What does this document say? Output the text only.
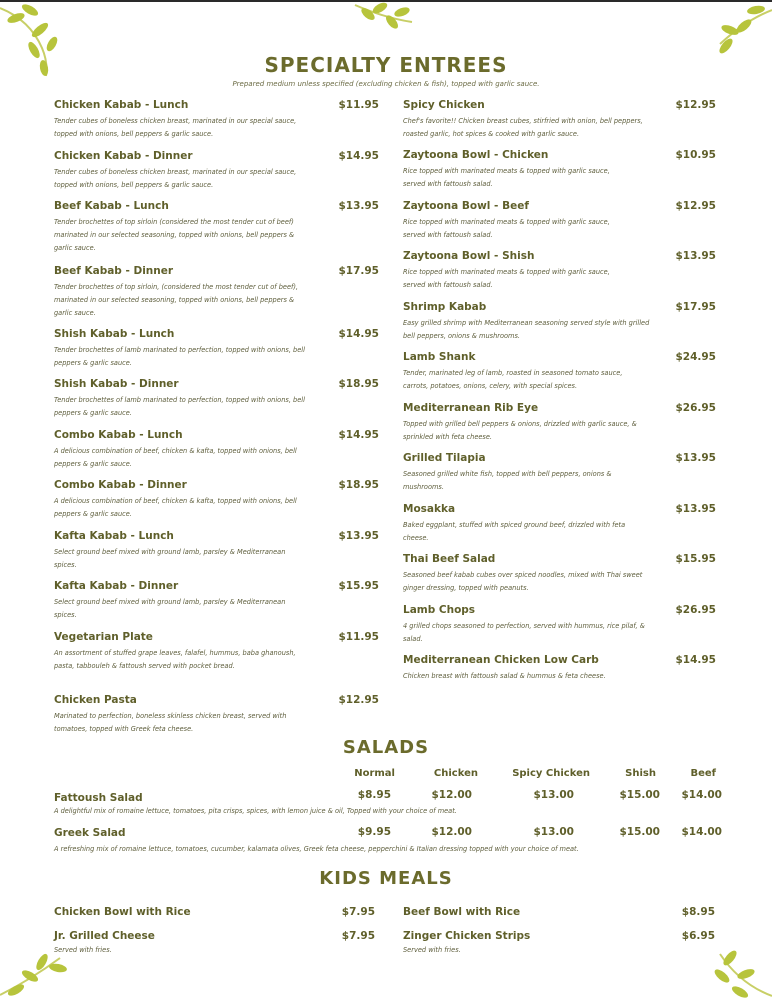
SPECIALTY ENTREES
Prepared medium unless specified (excluding chicken & fish), topped with garlic sauce.
Chicken Kabab - Lunch	$11.95
Tender cubes of boneless chicken breast, marinated in our special sauce, topped with onions, bell peppers & garlic sauce.
Chicken Kabab - Dinner	$14.95
Tender cubes of boneless chicken breast, marinated in our special sauce, topped with onions, bell peppers & garlic sauce.
Beef Kabab - Lunch	$13.95
Tender brochettes of top sirloin (considered the most tender cut of beef) marinated in our selected seasoning, topped with onions, bell peppers & garlic sauce.
Beef Kabab - Dinner	$17.95
Tender brochettes of top sirloin, (considered the most tender cut of beef), marinated in our selected seasoning, topped with onions, bell peppers & garlic sauce.
Shish Kabab - Lunch	$14.95
Tender brochettes of lamb marinated to perfection, topped with onions, bell peppers & garlic sauce.
Shish Kabab - Dinner	$18.95
Tender brochettes of lamb marinated to perfection, topped with onions, bell peppers & garlic sauce.
Combo Kabab - Lunch	$14.95
A delicious combination of beef, chicken & kafta, topped with onions, bell peppers & garlic sauce.
Combo Kabab - Dinner	$18.95
A delicious combination of beef, chicken & kafta, topped with onions, bell peppers & garlic sauce.
Kafta Kabab - Lunch	$13.95
Select ground beef mixed with ground lamb, parsley & Mediterranean spices.
Kafta Kabab - Dinner	$15.95
Select ground beef mixed with ground lamb, parsley & Mediterranean spices.
Vegetarian Plate	$11.95
An assortment of stuffed grape leaves, falafel, hummus, baba ghanoush, pasta, tabbouleh & fattoush served with pocket bread.
Chicken Pasta	$12.95
Marinated to perfection, boneless skinless chicken breast, served with tomatoes, topped with Greek feta cheese.
Spicy Chicken	$12.95
Chef's favorite!! Chicken breast cubes, stirfried with onion, bell peppers, roasted garlic, hot spices & cooked with garlic sauce.
Zaytoona Bowl - Chicken	$10.95
Rice topped with marinated meats & topped with garlic sauce, served with fattoush salad.
Zaytoona Bowl - Beef	$12.95
Rice topped with marinated meats & topped with garlic sauce, served with fattoush salad.
Zaytoona Bowl - Shish	$13.95
Rice topped with marinated meats & topped with garlic sauce, served with fattoush salad.
Shrimp Kabab	$17.95
Easy grilled shrimp with Mediterranean seasoning served style with grilled bell peppers, onions & mushrooms.
Lamb Shank	$24.95
Tender, marinated leg of lamb, roasted in seasoned tomato sauce, carrots, potatoes, onions, celery, with special spices.
Mediterranean Rib Eye	$26.95
Topped with grilled bell peppers & onions, drizzled with garlic sauce, & sprinkled with feta cheese.
Grilled Tilapia	$13.95
Seasoned grilled white fish, topped with bell peppers, onions & mushrooms.
Mosakka	$13.95
Baked eggplant, stuffed with spiced ground beef, drizzled with feta cheese.
Thai Beef Salad	$15.95
Seasoned beef kabab cubes over spiced noodles, mixed with Thai sweet ginger dressing, topped with peanuts.
Lamb Chops	$26.95
4 grilled chops seasoned to perfection, served with hummus, rice pilaf, & salad.
Mediterranean Chicken Low Carb	$14.95
Chicken breast with fattoush salad & hummus & feta cheese.
SALADS
Normal	Chicken	Spicy Chicken	Shish	Beef
Fattoush Salad	$8.95	$12.00	$13.00	$15.00	$14.00
A delightful mix of romaine lettuce, tomatoes, pita crisps, spices, with lemon juice & oil, Topped with your choice of meat.
Greek Salad	$9.95	$12.00	$13.00	$15.00	$14.00
A refreshing mix of romaine lettuce, tomatoes, cucumber, kalamata olives, Greek feta cheese, pepperchini & Italian dressing topped with your choice of meat.
KIDS MEALS
Chicken Bowl with Rice	$7.95
Jr. Grilled Cheese	$7.95
Served with fries.
Beef Bowl with Rice	$8.95
Zinger Chicken Strips	$6.95
Served with fries.
